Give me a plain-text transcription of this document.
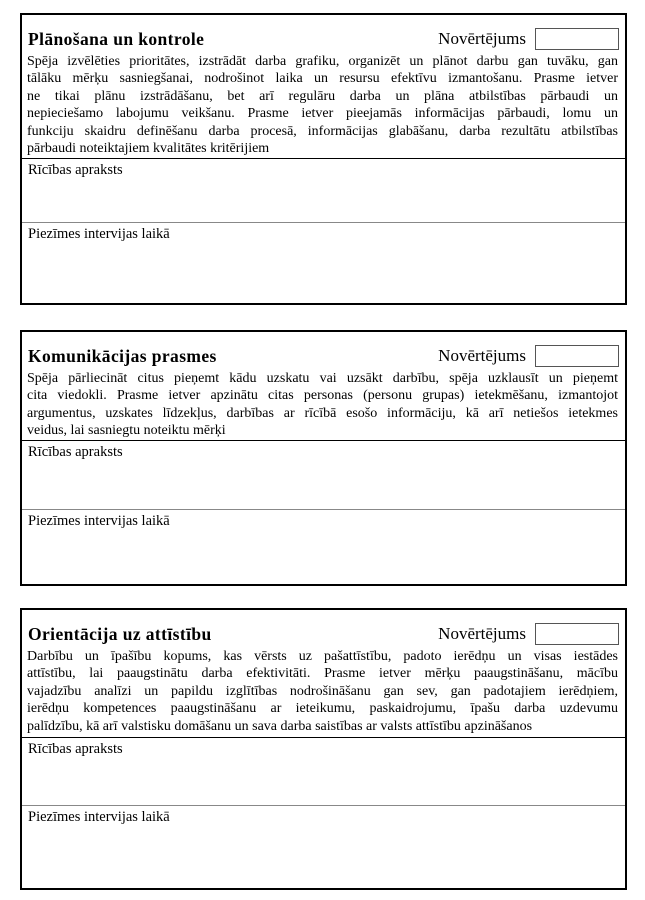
Plānošana un kontrole	Novērtējums
Spēja izvēlēties prioritātes, izstrādāt darba grafiku, organizēt un plānot darbu gan tuvāku, gan
tālāku mērķu sasniegšanai, nodrošinot laika un resursu efektīvu izmantošanu. Prasme ietver
ne tikai plānu izstrādāšanu, bet arī regulāru darba un plāna atbilstības pārbaudi un
nepieciešamo labojumu veikšanu. Prasme ietver pieejamās informācijas pārbaudi, lomu un
funkciju skaidru definēšanu darba procesā, informācijas glabāšanu, darba rezultātu atbilstības
pārbaudi noteiktajiem kvalitātes kritērijiem
Rīcības apraksts
Piezīmes intervijas laikā
Komunikācijas prasmes	Novērtējums
Spēja pārliecināt citus pieņemt kādu uzskatu vai uzsākt darbību, spēja uzklausīt un pieņemt
cita viedokli. Prasme ietver apzinātu citas personas (personu grupas) ietekmēšanu, izmantojot
argumentus, uzskates līdzekļus, darbības ar rīcībā esošo informāciju, kā arī netiešos ietekmes
veidus, lai sasniegtu noteiktu mērķi
Rīcības apraksts
Piezīmes intervijas laikā
Orientācija uz attīstību	Novērtējums
Darbību un īpašību kopums, kas vērsts uz pašattīstību, padoto ierēdņu un visas iestādes
attīstību, lai paaugstinātu darba efektivitāti. Prasme ietver mērķu paaugstināšanu, mācību
vajadzību analīzi un papildu izglītības nodrošināšanu gan sev, gan padotajiem ierēdņiem,
ierēdņu kompetences paaugstināšanu ar ieteikumu, paskaidrojumu, īpašu darba uzdevumu
palīdzību, kā arī valstisku domāšanu un sava darba saistības ar valsts attīstību apzināšanos
Rīcības apraksts
Piezīmes intervijas laikā
